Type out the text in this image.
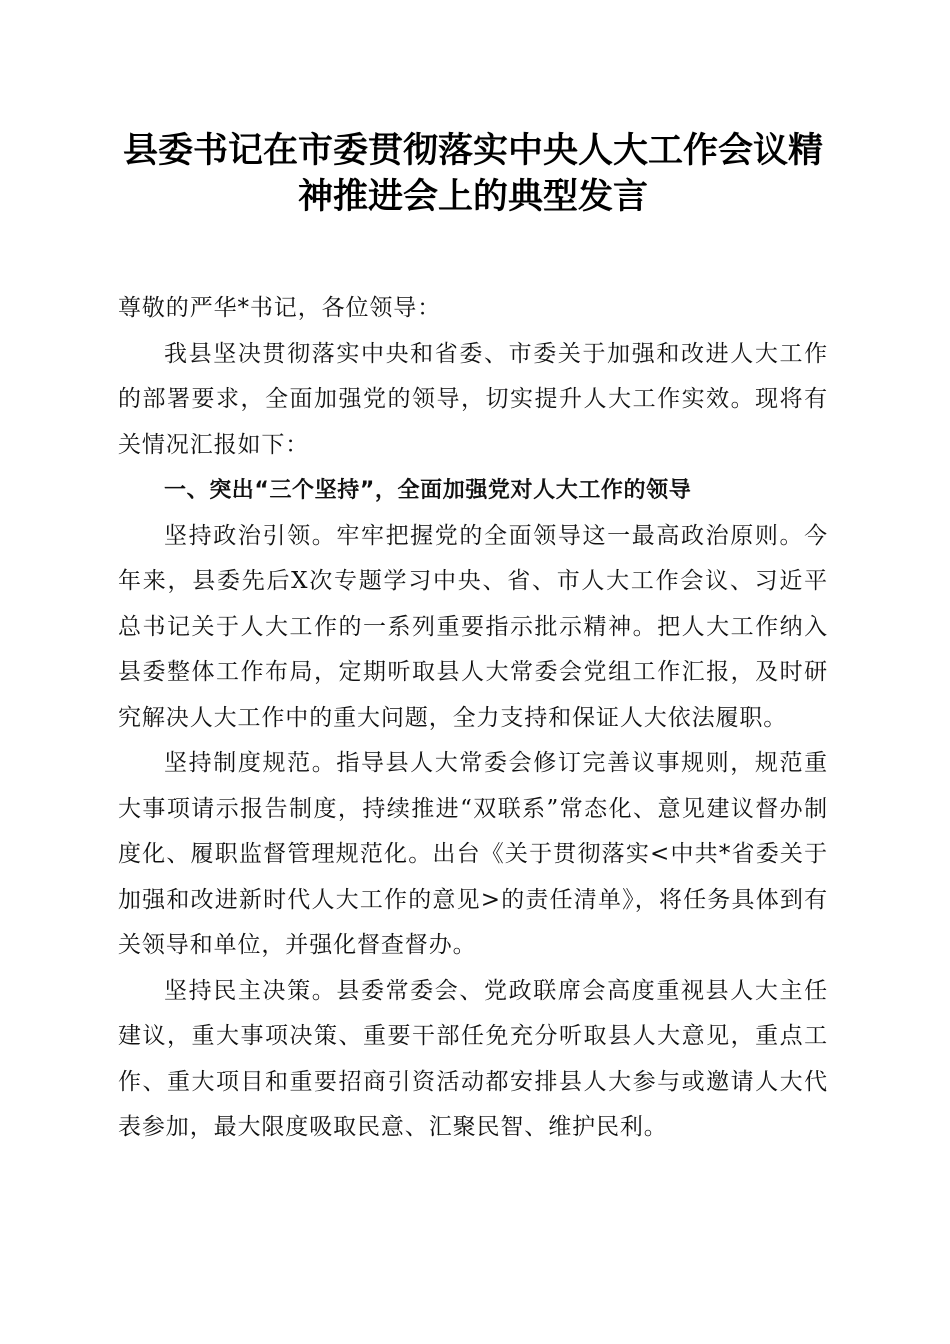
县委书记在市委贯彻落实中央人大工作会议精
神推进会上的典型发言

尊敬的严华*书记，各位领导：

我县坚决贯彻落实中央和省委、市委关于加强和改进人大工作的部署要求，全面加强党的领导，切实提升人大工作实效。现将有关情况汇报如下：

一、突出“三个坚持”，全面加强党对人大工作的领导

坚持政治引领。牢牢把握党的全面领导这一最高政治原则。今年来，县委先后X次专题学习中央、省、市人大工作会议、习近平总书记关于人大工作的一系列重要指示批示精神。把人大工作纳入县委整体工作布局，定期听取县人大常委会党组工作汇报，及时研究解决人大工作中的重大问题，全力支持和保证人大依法履职。

坚持制度规范。指导县人大常委会修订完善议事规则，规范重大事项请示报告制度，持续推进“双联系”常态化、意见建议督办制度化、履职监督管理规范化。出台《关于贯彻落实<中共*省委关于加强和改进新时代人大工作的意见>的责任清单》，将任务具体到有关领导和单位，并强化督查督办。

坚持民主决策。县委常委会、党政联席会高度重视县人大主任建议，重大事项决策、重要干部任免充分听取县人大意见，重点工作、重大项目和重要招商引资活动都安排县人大参与或邀请人大代表参加，最大限度吸取民意、汇聚民智、维护民利。
